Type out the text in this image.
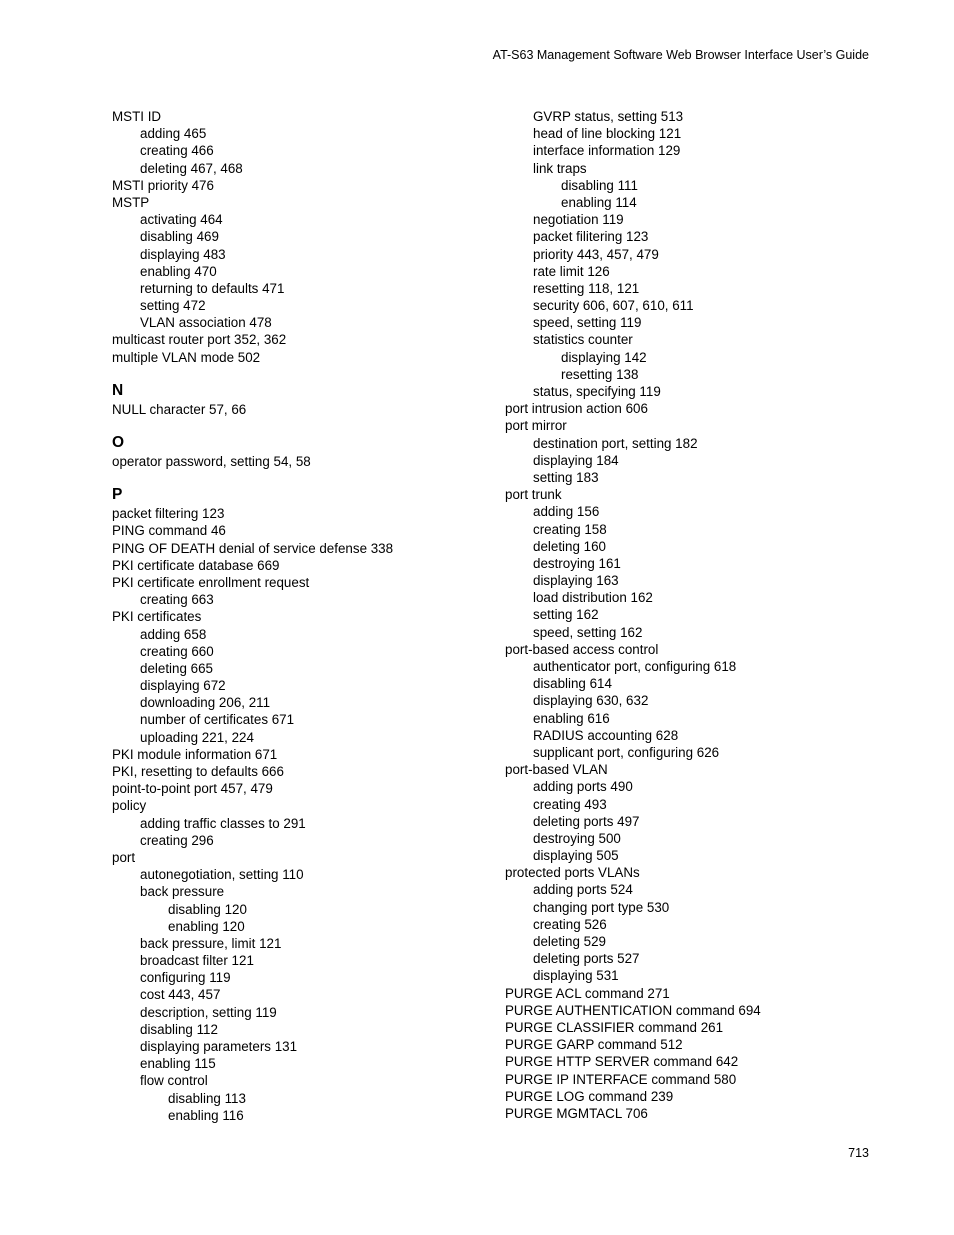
AT-S63 Management Software Web Browser Interface User’s Guide
MSTI ID
adding 465
creating 466
deleting 467, 468
MSTI priority 476
MSTP
activating 464
disabling 469
displaying 483
enabling 470
returning to defaults 471
setting 472
VLAN association 478
multicast router port 352, 362
multiple VLAN mode 502
N
NULL character 57, 66
O
operator password, setting 54, 58
P
packet filtering 123
PING command 46
PING OF DEATH denial of service defense 338
PKI certificate database 669
PKI certificate enrollment request
creating 663
PKI certificates
adding 658
creating 660
deleting 665
displaying 672
downloading 206, 211
number of certificates 671
uploading 221, 224
PKI module information 671
PKI, resetting to defaults 666
point-to-point port 457, 479
policy
adding traffic classes to 291
creating 296
port
autonegotiation, setting 110
back pressure
disabling 120
enabling 120
back pressure, limit 121
broadcast filter 121
configuring 119
cost 443, 457
description, setting 119
disabling 112
displaying parameters 131
enabling 115
flow control
disabling 113
enabling 116
GVRP status, setting 513
head of line blocking 121
interface information 129
link traps
disabling 111
enabling 114
negotiation 119
packet filitering 123
priority 443, 457, 479
rate limit 126
resetting 118, 121
security 606, 607, 610, 611
speed, setting 119
statistics counter
displaying 142
resetting 138
status, specifying 119
port intrusion action 606
port mirror
destination port, setting 182
displaying 184
setting 183
port trunk
adding 156
creating 158
deleting 160
destroying 161
displaying 163
load distribution 162
setting 162
speed, setting 162
port-based access control
authenticator port, configuring 618
disabling 614
displaying 630, 632
enabling 616
RADIUS accounting 628
supplicant port, configuring 626
port-based VLAN
adding ports 490
creating 493
deleting ports 497
destroying 500
displaying 505
protected ports VLANs
adding ports 524
changing port type 530
creating 526
deleting 529
deleting ports 527
displaying 531
PURGE ACL command 271
PURGE AUTHENTICATION command 694
PURGE CLASSIFIER command 261
PURGE GARP command 512
PURGE HTTP SERVER command 642
PURGE IP INTERFACE command 580
PURGE LOG command 239
PURGE MGMTACL 706
713
